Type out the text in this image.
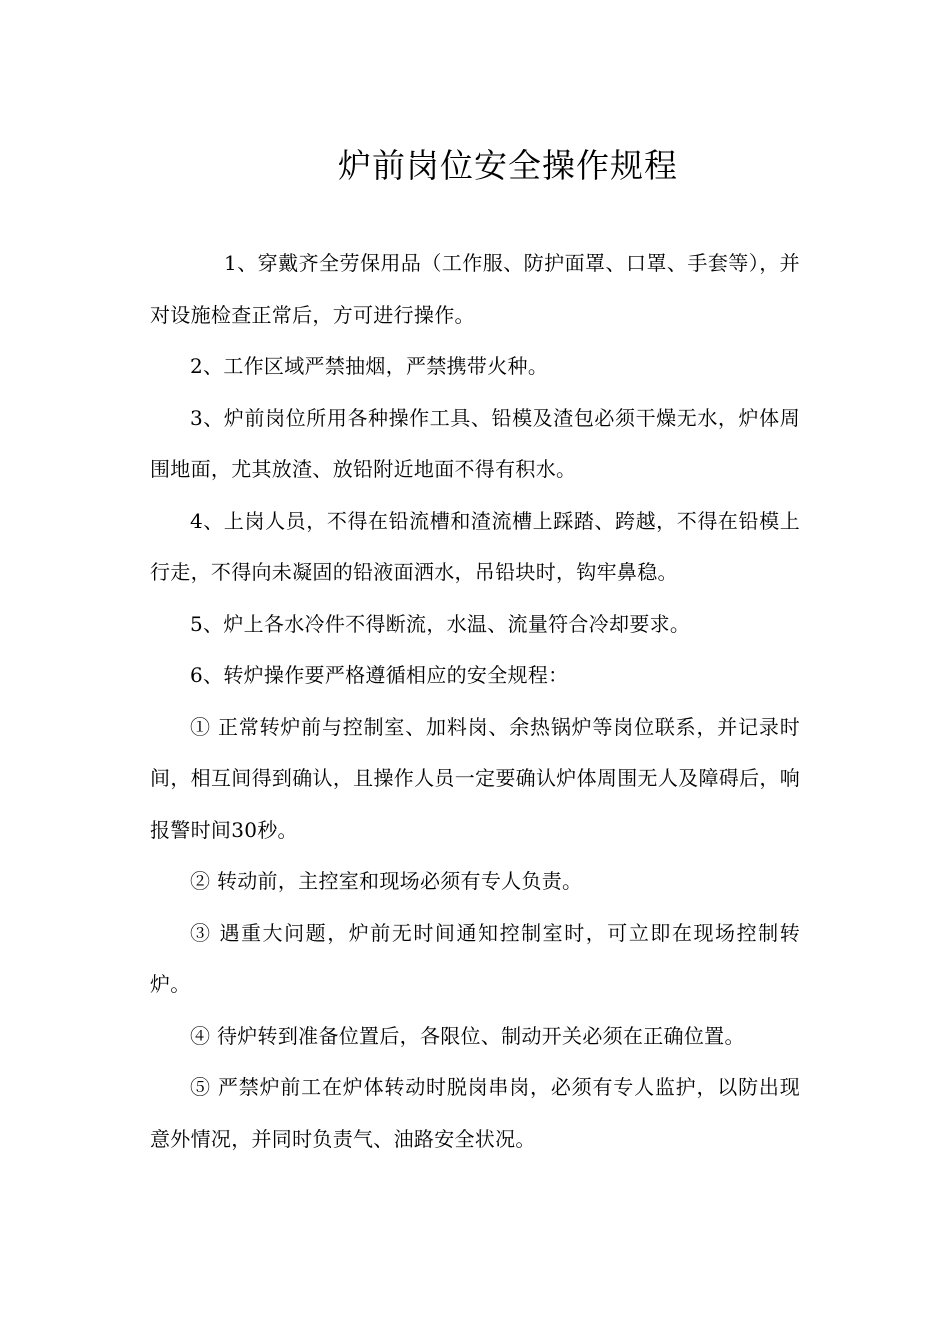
炉前岗位安全操作规程

1、穿戴齐全劳保用品（工作服、防护面罩、口罩、手套等），并对设施检查正常后，方可进行操作。

2、工作区域严禁抽烟，严禁携带火种。

3、炉前岗位所用各种操作工具、铅模及渣包必须干燥无水，炉体周围地面，尤其放渣、放铅附近地面不得有积水。

4、上岗人员，不得在铅流槽和渣流槽上踩踏、跨越，不得在铅模上行走，不得向未凝固的铅液面洒水，吊铅块时，钩牢鼻稳。

5、炉上各水冷件不得断流，水温、流量符合冷却要求。

6、转炉操作要严格遵循相应的安全规程：

① 正常转炉前与控制室、加料岗、余热锅炉等岗位联系，并记录时间，相互间得到确认，且操作人员一定要确认炉体周围无人及障碍后，响报警时间30秒。

② 转动前，主控室和现场必须有专人负责。

③ 遇重大问题，炉前无时间通知控制室时，可立即在现场控制转炉。

④ 待炉转到准备位置后，各限位、制动开关必须在正确位置。

⑤ 严禁炉前工在炉体转动时脱岗串岗，必须有专人监护，以防出现意外情况，并同时负责气、油路安全状况。
